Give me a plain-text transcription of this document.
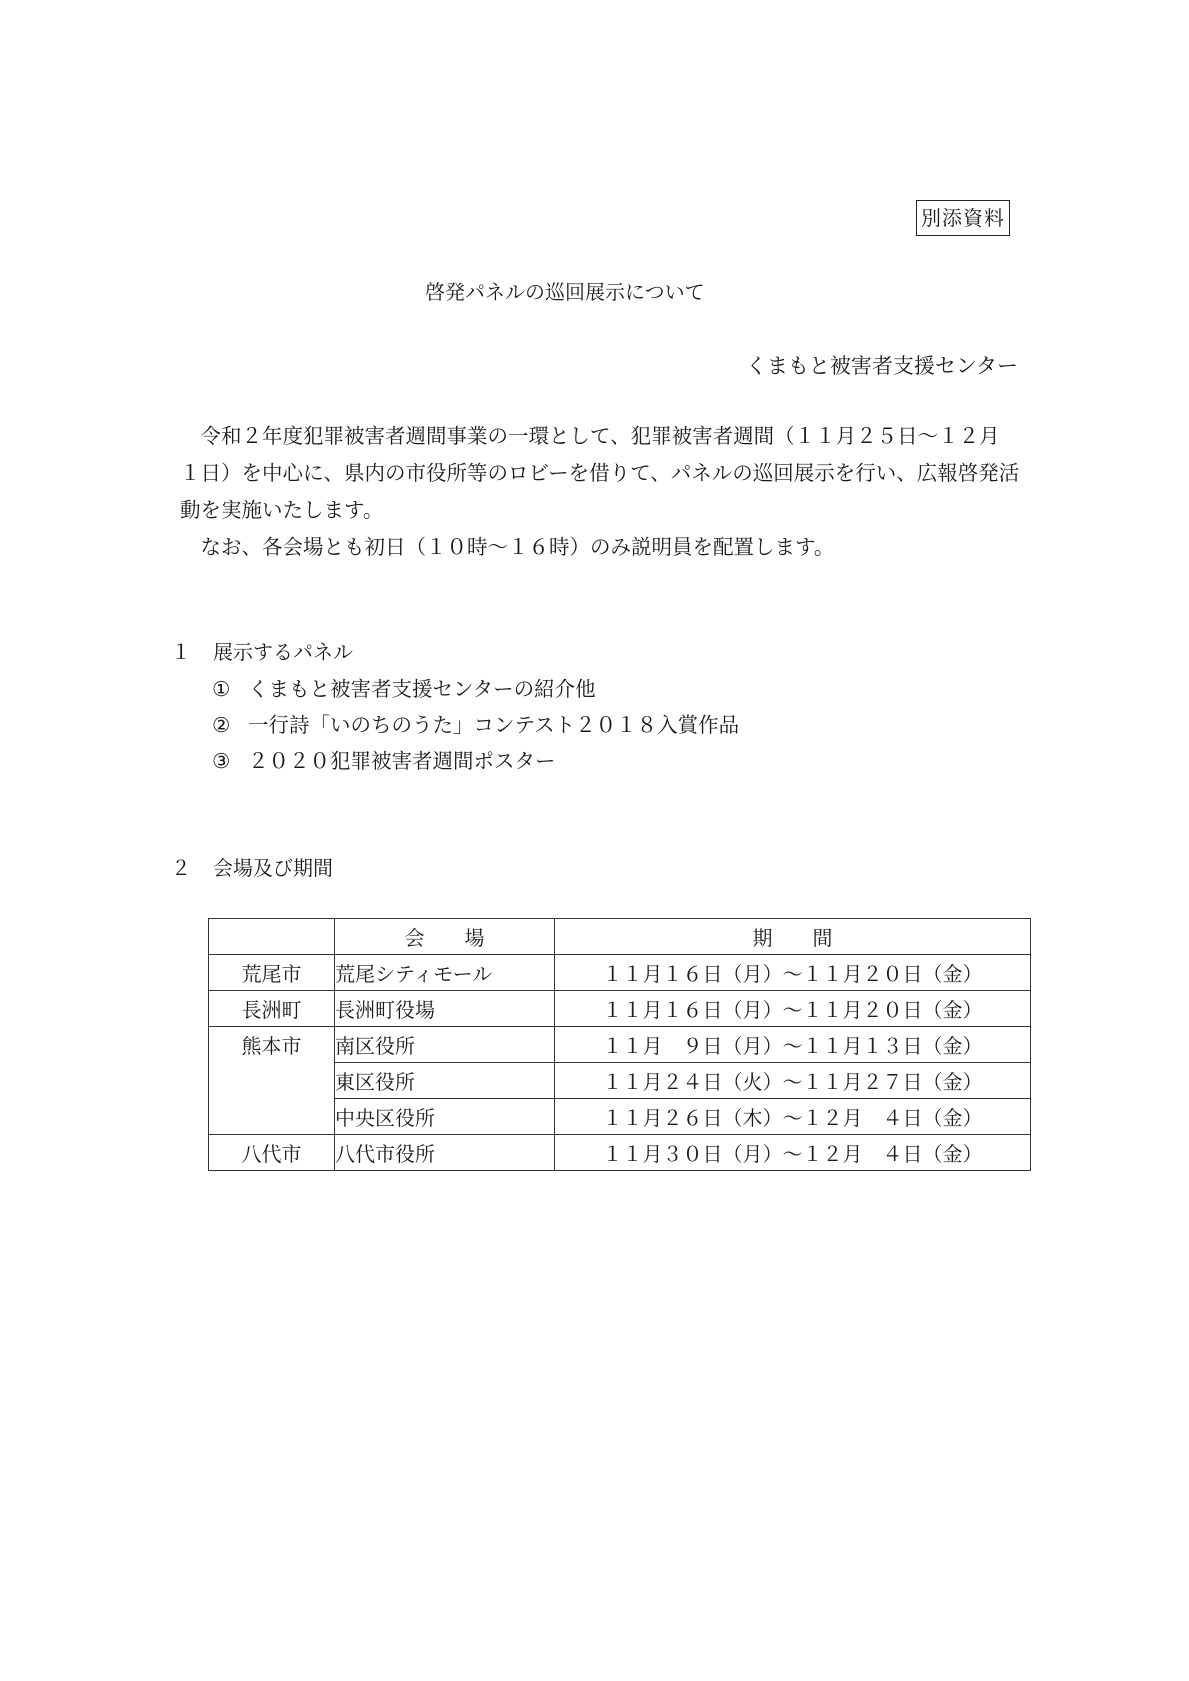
別添資料
啓発パネルの巡回展示について
くまもと被害者支援センター

令和２年度犯罪被害者週間事業の一環として、犯罪被害者週間（１１月２５日〜１２月１日）を中心に、県内の市役所等のロビーを借りて、パネルの巡回展示を行い、広報啓発活動を実施いたします。

なお、各会場とも初日（１０時〜１６時）のみ説明員を配置します。

１ 展示するパネル
① くまもと被害者支援センターの紹介他
② 一行詩「いのちのうた」コンテスト２０１８入賞作品
③ ２０２０犯罪被害者週間ポスター
２ 会場及び期間
	会場	期間
荒尾市	荒尾シティモール	１１月１６日（月）〜１１月２０日（金）
長洲町	長洲町役場	１１月１６日（月）〜１１月２０日（金）
熊本市	南区役所	１１月　９日（月）〜１１月１３日（金）
	東区役所	１１月２４日（火）〜１１月２７日（金）
	中央区役所	１１月２６日（木）〜１２月　４日（金）
八代市	八代市役所	１１月３０日（月）〜１２月　４日（金）
